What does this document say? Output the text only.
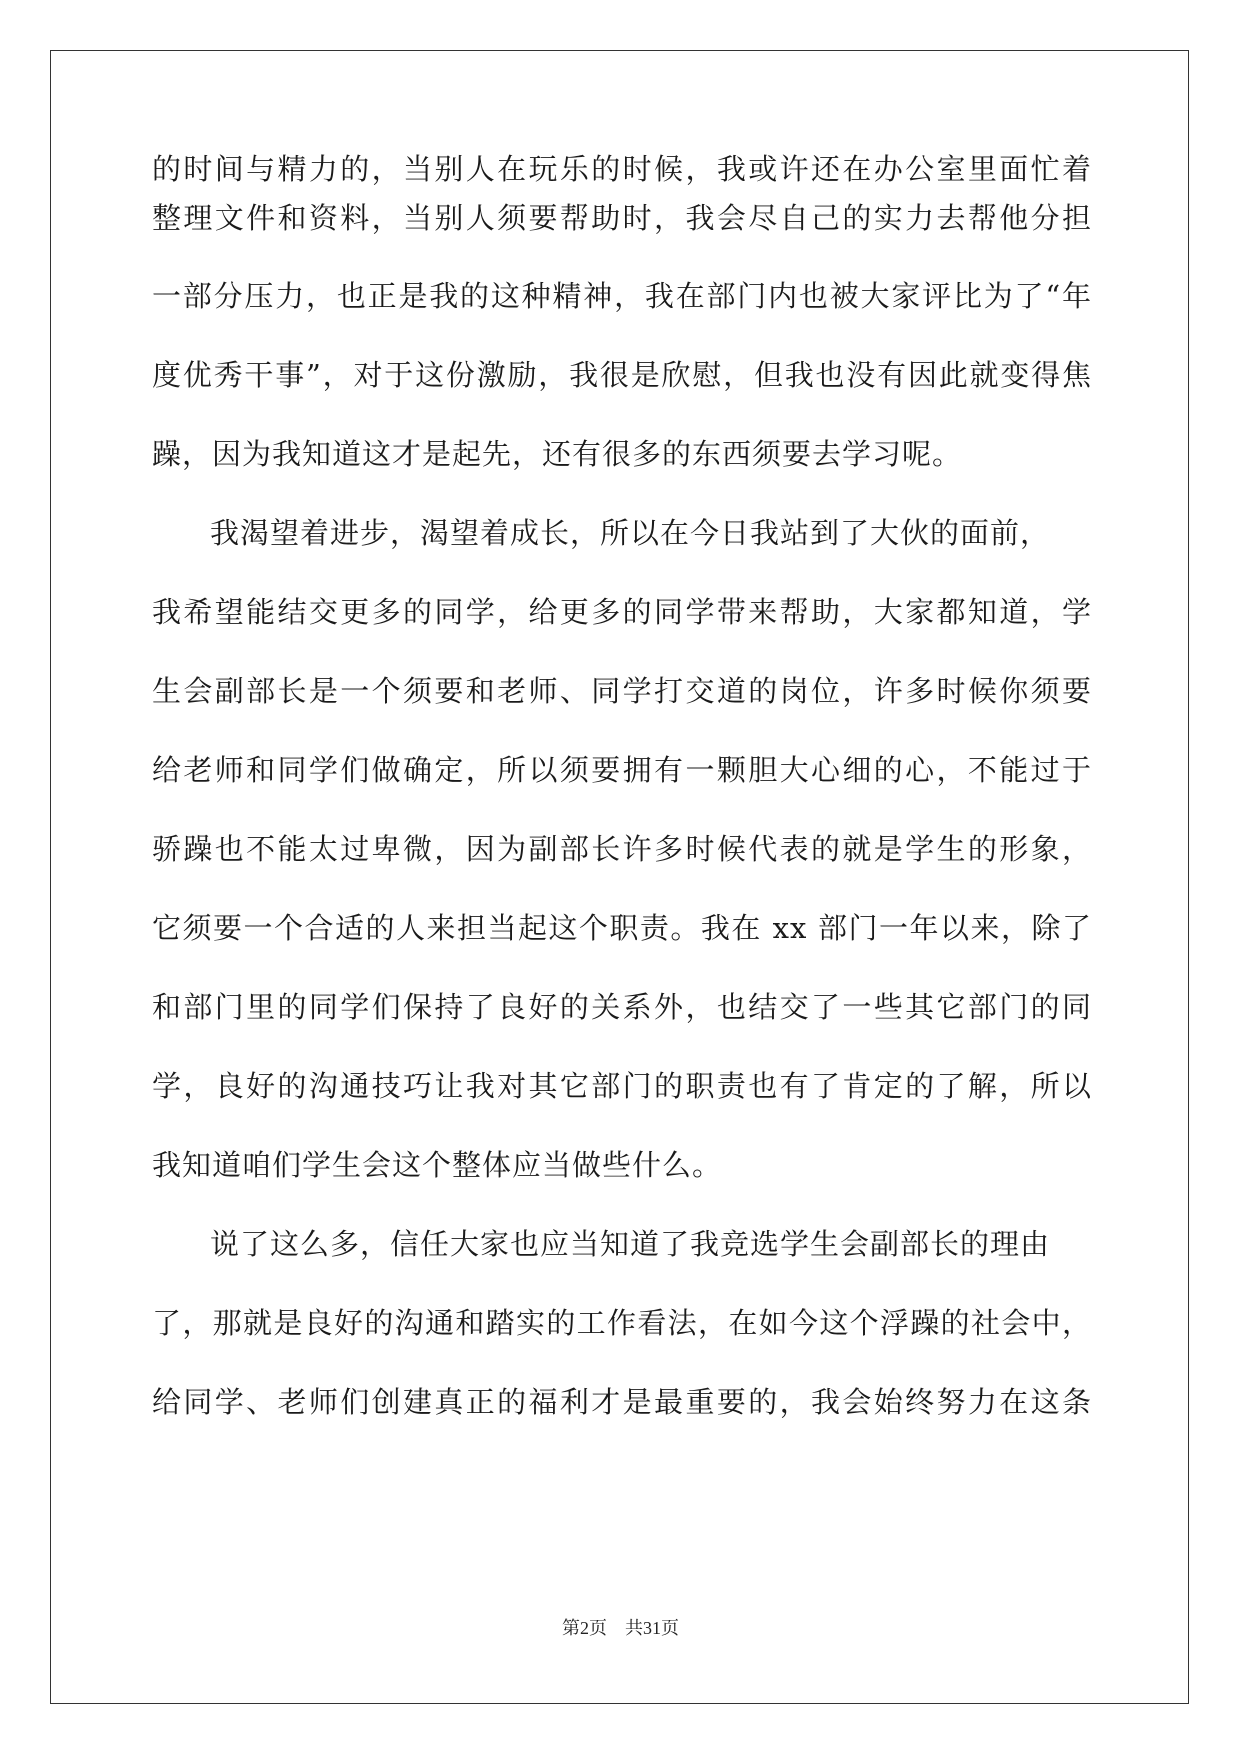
的时间与精力的，当别人在玩乐的时候，我或许还在办公室里面忙着
整理文件和资料，当别人须要帮助时，我会尽自己的实力去帮他分担
一部分压力，也正是我的这种精神，我在部门内也被大家评比为了“年
度优秀干事”，对于这份激励，我很是欣慰，但我也没有因此就变得焦
躁，因为我知道这才是起先，还有很多的东西须要去学习呢。
我渴望着进步，渴望着成长，所以在今日我站到了大伙的面前，
我希望能结交更多的同学，给更多的同学带来帮助，大家都知道，学
生会副部长是一个须要和老师、同学打交道的岗位，许多时候你须要
给老师和同学们做确定，所以须要拥有一颗胆大心细的心，不能过于
骄躁也不能太过卑微，因为副部长许多时候代表的就是学生的形象，
它须要一个合适的人来担当起这个职责。我在 xx 部门一年以来，除了
和部门里的同学们保持了良好的关系外，也结交了一些其它部门的同
学，良好的沟通技巧让我对其它部门的职责也有了肯定的了解，所以
我知道咱们学生会这个整体应当做些什么。
说了这么多，信任大家也应当知道了我竞选学生会副部长的理由
了，那就是良好的沟通和踏实的工作看法，在如今这个浮躁的社会中，
给同学、老师们创建真正的福利才是最重要的，我会始终努力在这条
第2页 共31页
